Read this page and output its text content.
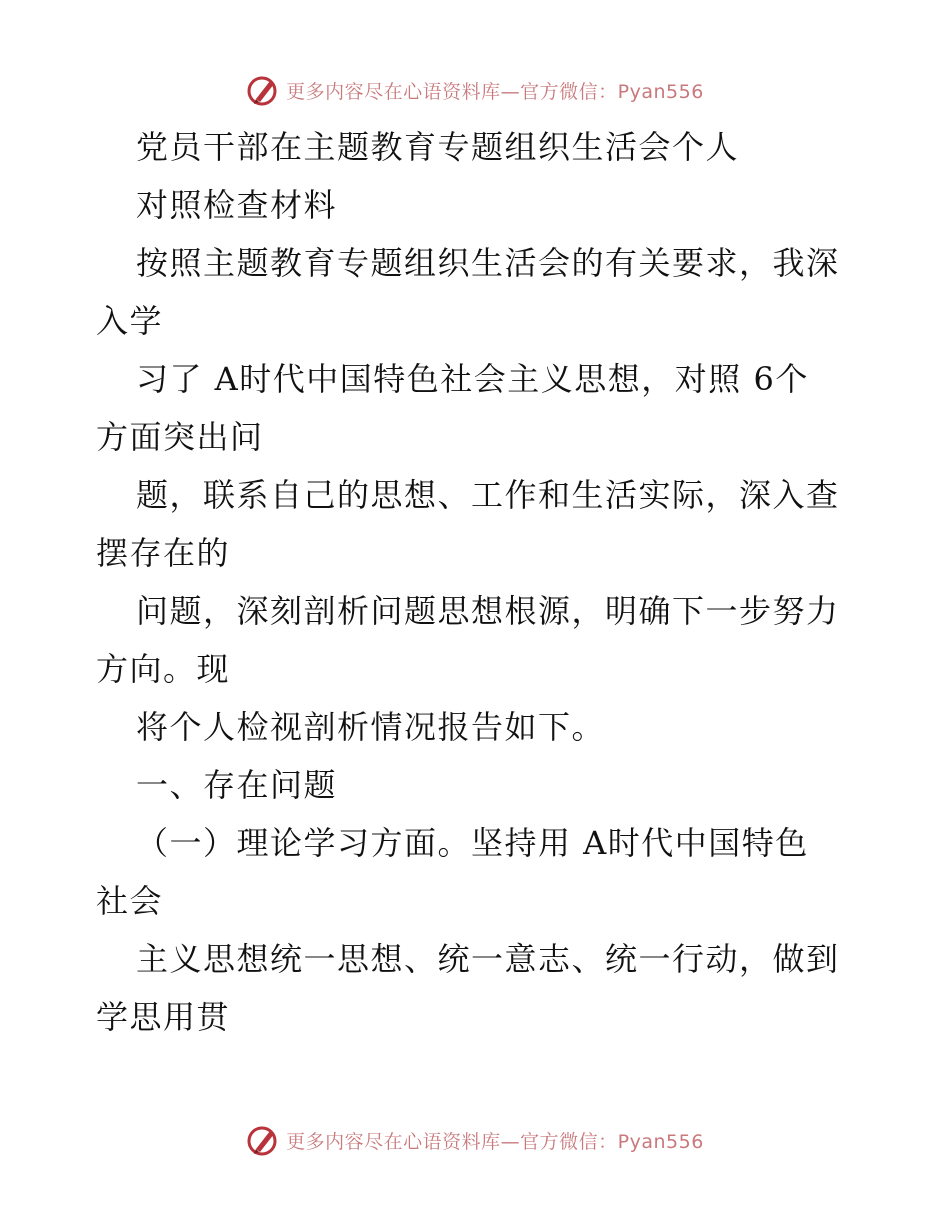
更多内容尽在心语资料库—官方微信：Pyan556
党员干部在主题教育专题组织生活会个人
对照检查材料
按照主题教育专题组织生活会的有关要求，我深
入学
习了 A时代中国特色社会主义思想，对照 6个
方面突出问
题，联系自己的思想、工作和生活实际，深入查
摆存在的
问题，深刻剖析问题思想根源，明确下一步努力
方向。现
将个人检视剖析情况报告如下。
一、存在问题
（一）理论学习方面。坚持用 A时代中国特色
社会
主义思想统一思想、统一意志、统一行动，做到
学思用贯
更多内容尽在心语资料库—官方微信：Pyan556
